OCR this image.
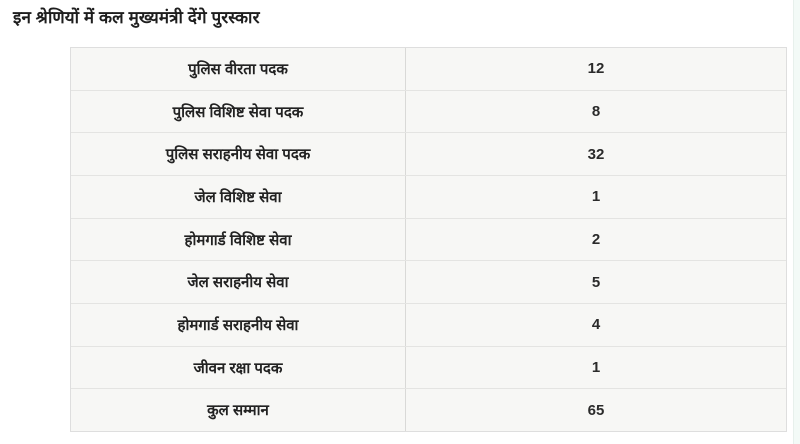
इन श्रेणियों में कल मुख्यमंत्री देंगे पुरस्कार
पुलिस वीरता पदक	12
पुलिस विशिष्ट सेवा पदक	8
पुलिस सराहनीय सेवा पदक	32
जेल विशिष्ट सेवा	1
होमगार्ड विशिष्ट सेवा	2
जेल सराहनीय सेवा	5
होमगार्ड सराहनीय सेवा	4
जीवन रक्षा पदक	1
कुल सम्मान	65
